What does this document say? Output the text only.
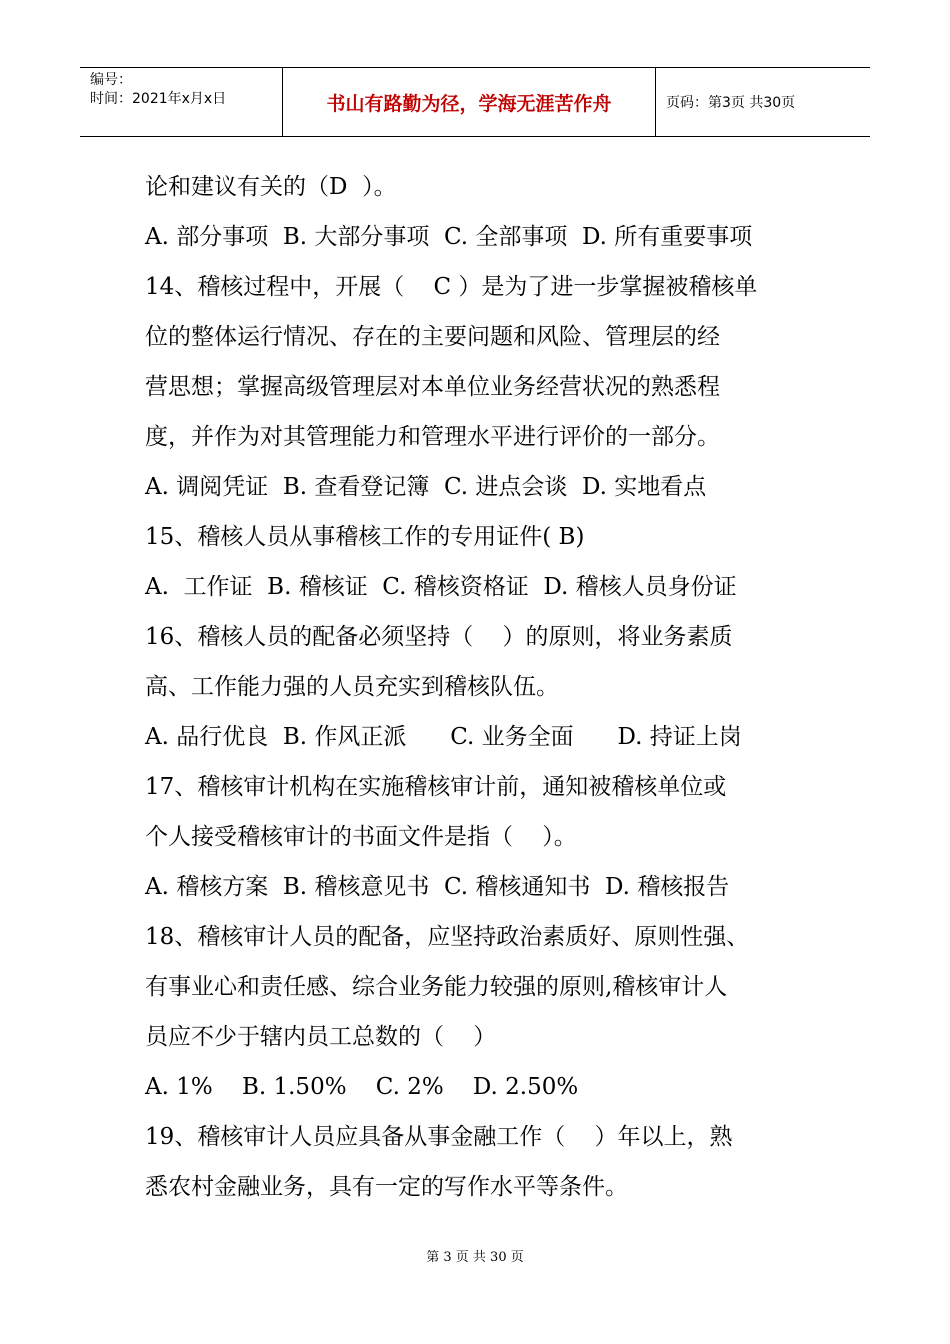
编号：
时间：2021年x月x日	书山有路勤为径，学海无涯苦作舟	页码：第3页 共30页
论和建议有关的（D  ）。
A. 部分事项  B. 大部分事项  C. 全部事项  D. 所有重要事项
14、稽核过程中，开展（    C ）是为了进一步掌握被稽核单
位的整体运行情况、存在的主要问题和风险、管理层的经
营思想；掌握高级管理层对本单位业务经营状况的熟悉程
度，并作为对其管理能力和管理水平进行评价的一部分。
A. 调阅凭证  B. 查看登记簿  C. 进点会谈  D. 实地看点
15、稽核人员从事稽核工作的专用证件( B)
A.  工作证  B. 稽核证  C. 稽核资格证  D. 稽核人员身份证
16、稽核人员的配备必须坚持（    ）的原则，将业务素质
高、工作能力强的人员充实到稽核队伍。
A. 品行优良  B. 作风正派      C. 业务全面      D. 持证上岗
17、稽核审计机构在实施稽核审计前，通知被稽核单位或
个人接受稽核审计的书面文件是指（    ）。
A. 稽核方案  B. 稽核意见书  C. 稽核通知书  D. 稽核报告
18、稽核审计人员的配备，应坚持政治素质好、原则性强、
有事业心和责任感、综合业务能力较强的原则,稽核审计人
员应不少于辖内员工总数的（    ）
A. 1%    B. 1.50%    C. 2%    D. 2.50%
19、稽核审计人员应具备从事金融工作（    ）年以上，熟
悉农村金融业务，具有一定的写作水平等条件。
第 3 页 共 30 页
